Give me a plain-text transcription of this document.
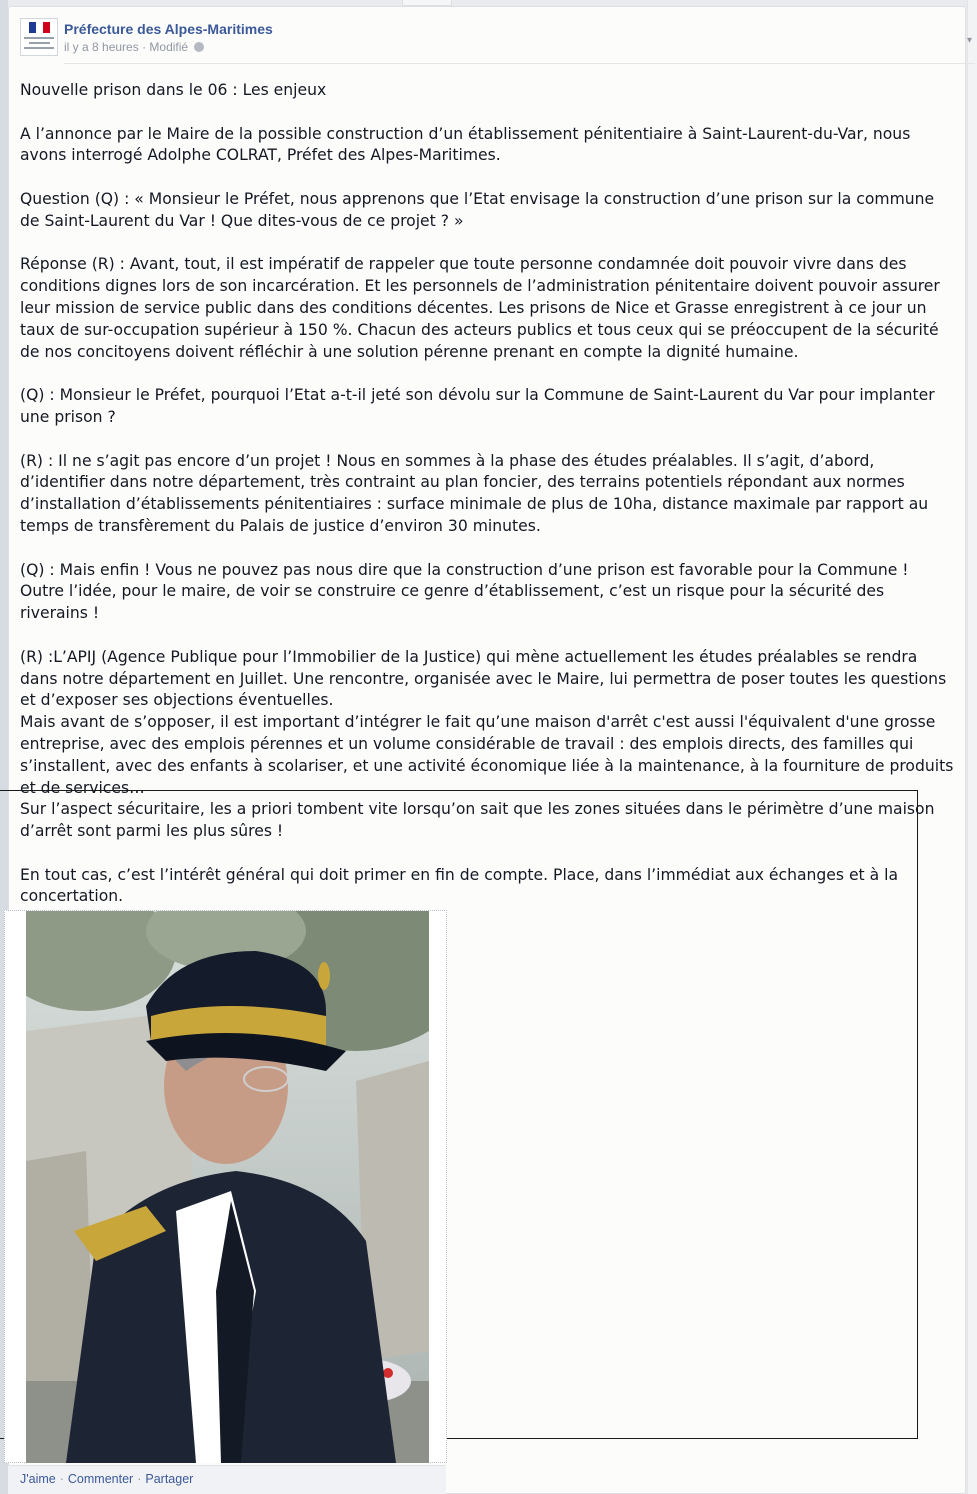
▾
Préfecture des Alpes-Maritimes
il y a 8 heures · Modifié

Nouvelle prison dans le 06 : Les enjeux

A l’annonce par le Maire de la possible construction d’un établissement pénitentiaire à Saint-Laurent-du-Var, nous avons interrogé Adolphe COLRAT, Préfet des Alpes-Maritimes.

Question (Q) : « Monsieur le Préfet, nous apprenons que l’Etat envisage la construction d’une prison sur la commune de Saint-Laurent du Var ! Que dites-vous de ce projet ? »

Réponse (R) : Avant, tout, il est impératif de rappeler que toute personne condamnée doit pouvoir vivre dans des conditions dignes lors de son incarcération. Et les personnels de l’administration pénitentaire doivent pouvoir assurer leur mission de service public dans des conditions décentes. Les prisons de Nice et Grasse enregistrent à ce jour un taux de sur-occupation supérieur à 150 %. Chacun des acteurs publics et tous ceux qui se préoccupent de la sécurité de nos concitoyens doivent réfléchir à une solution pérenne prenant en compte la dignité humaine.

(Q) : Monsieur le Préfet, pourquoi l’Etat a-t-il jeté son dévolu sur la Commune de Saint-Laurent du Var pour implanter une prison ?

(R) : Il ne s’agit pas encore d’un projet ! Nous en sommes à la phase des études préalables. Il s’agit, d’abord, d’identifier dans notre département, très contraint au plan foncier, des terrains potentiels répondant aux normes d’installation d’établissements pénitentiaires : surface minimale de plus de 10ha, distance maximale par rapport au temps de transfèrement du Palais de justice d’environ 30 minutes.

(Q) : Mais enfin ! Vous ne pouvez pas nous dire que la construction d’une prison est favorable pour la Commune ! Outre l’idée, pour le maire, de voir se construire ce genre d’établissement, c’est un risque pour la sécurité des riverains !

(R) :L’APIJ (Agence Publique pour l’Immobilier de la Justice) qui mène actuellement les études préalables se rendra dans notre département en Juillet. Une rencontre, organisée avec le Maire, lui permettra de poser toutes les questions et d’exposer ses objections éventuelles.
Mais avant de s’opposer, il est important d’intégrer le fait qu’une maison d'arrêt c'est aussi l'équivalent d'une grosse entreprise, avec des emplois pérennes et un volume considérable de travail : des emplois directs, des familles qui s’installent, avec des enfants à scolariser, et une activité économique liée à la maintenance, à la fourniture de produits et de services…
Sur l’aspect sécuritaire, les a priori tombent vite lorsqu’on sait que les zones situées dans le périmètre d’une maison d’arrêt sont parmi les plus sûres !

En tout cas, c’est l’intérêt général qui doit primer en fin de compte. Place, dans l’immédiat aux échanges et à la concertation.

J'aime · Commenter · Partager
